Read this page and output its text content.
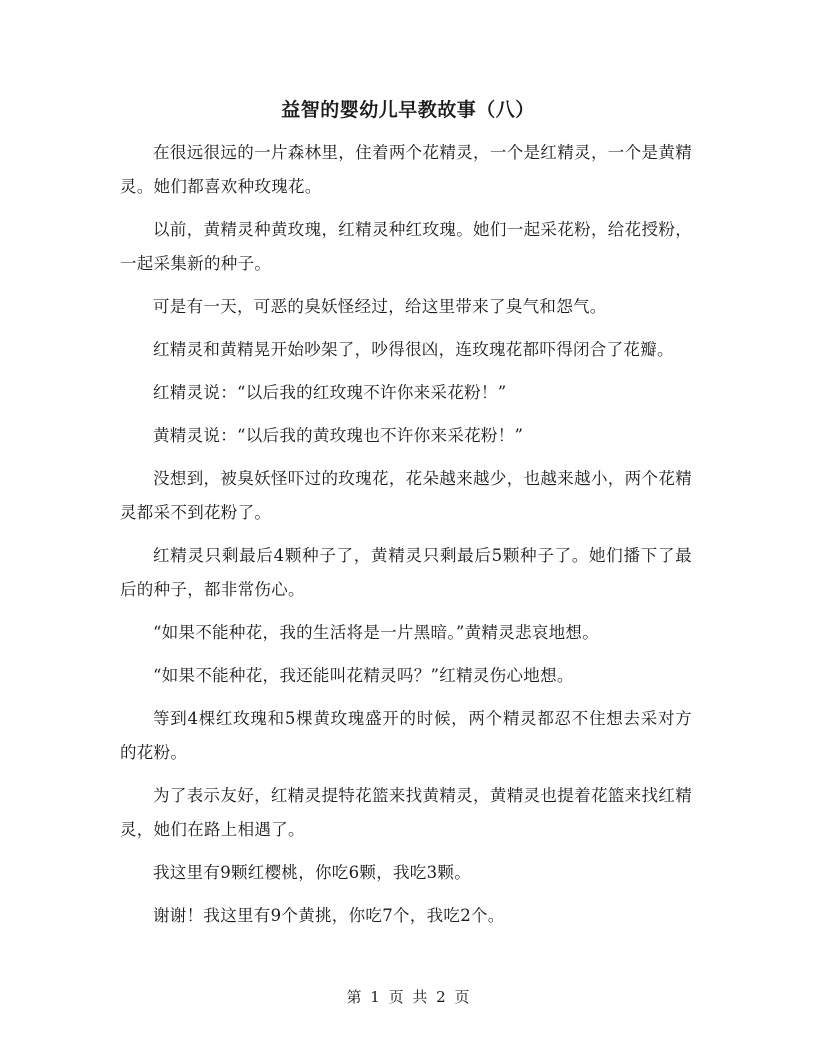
益智的婴幼儿早教故事（八）

在很远很远的一片森林里，住着两个花精灵，一个是红精灵，一个是黄精灵。她们都喜欢种玫瑰花。

以前，黄精灵种黄玫瑰，红精灵种红玫瑰。她们一起采花粉，给花授粉，一起采集新的种子。

可是有一天，可恶的臭妖怪经过，给这里带来了臭气和怨气。

红精灵和黄精晃开始吵架了，吵得很凶，连玫瑰花都吓得闭合了花瓣。

红精灵说：“以后我的红玫瑰不许你来采花粉！”

黄精灵说：“以后我的黄玫瑰也不许你来采花粉！”

没想到，被臭妖怪吓过的玫瑰花，花朵越来越少，也越来越小，两个花精灵都采不到花粉了。

红精灵只剩最后4颗种子了，黄精灵只剩最后5颗种子了。她们播下了最后的种子，都非常伤心。

“如果不能种花，我的生活将是一片黑暗。”黄精灵悲哀地想。

“如果不能种花，我还能叫花精灵吗？”红精灵伤心地想。

等到4棵红玫瑰和5棵黄玫瑰盛开的时候，两个精灵都忍不住想去采对方的花粉。

为了表示友好，红精灵提特花篮来找黄精灵，黄精灵也提着花篮来找红精灵，她们在路上相遇了。

我这里有9颗红樱桃，你吃6颗，我吃3颗。

谢谢！我这里有9个黄挑，你吃7个，我吃2个。

第 1 页 共 2 页
